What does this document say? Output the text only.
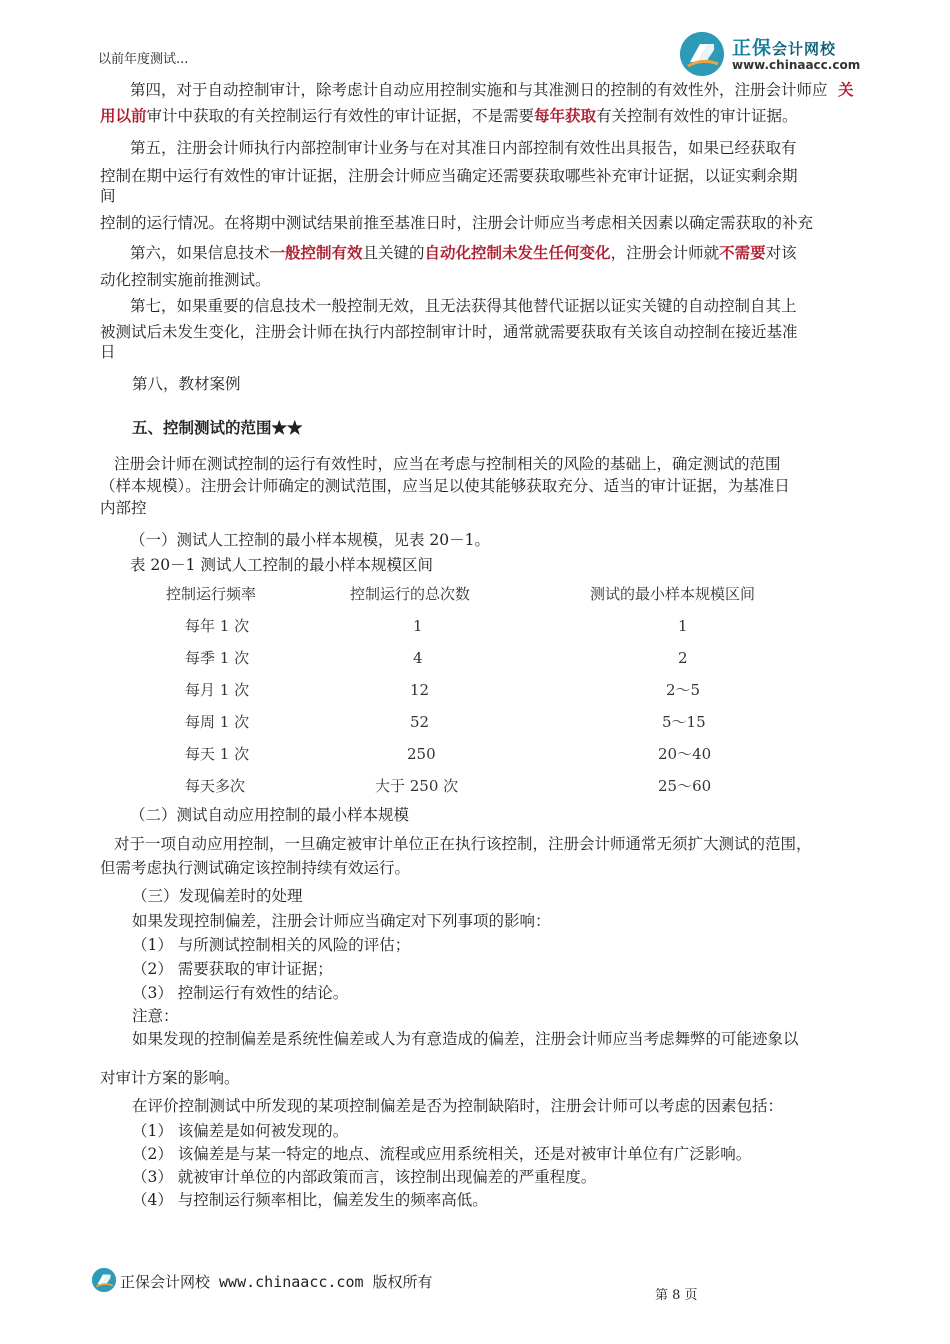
正保会计网校
www.chinaacc.com
以前年度测试...
第四，对于自动控制审计，除考虑计自动应用控制实施和与其准测日的控制的有效性外，注册会计师应 关
用以前审计中获取的有关控制运行有效性的审计证据，不是需要每年获取有关控制有效性的审计证据。
第五，注册会计师执行内部控制审计业务与在对其准日内部控制有效性出具报告，如果已经获取有
控制在期中运行有效性的审计证据，注册会计师应当确定还需要获取哪些补充审计证据，以证实剩余期
间
控制的运行情况。在将期中测试结果前推至基准日时，注册会计师应当考虑相关因素以确定需获取的补充
第六，如果信息技术一般控制有效且关键的自动化控制未发生任何变化，注册会计师就不需要对该
动化控制实施前推测试。
第七，如果重要的信息技术一般控制无效，且无法获得其他替代证据以证实关键的自动控制自其上
被测试后未发生变化，注册会计师在执行内部控制审计时，通常就需要获取有关该自动控制在接近基准
日
第八，教材案例
五、控制测试的范围★★
注册会计师在测试控制的运行有效性时，应当在考虑与控制相关的风险的基础上，确定测试的范围
（样本规模）。注册会计师确定的测试范围，应当足以使其能够获取充分、适当的审计证据，为基准日
内部控
（一）测试人工控制的最小样本规模，见表 20－1。
表 20－1 测试人工控制的最小样本规模区间
控制运行频率	控制运行的总次数	测试的最小样本规模区间
每年 1 次	1	1
每季 1 次	4	2
每月 1 次	12	2～5
每周 1 次	52	5～15
每天 1 次	250	20～40
每天多次	大于 250 次	25～60
（二）测试自动应用控制的最小样本规模
对于一项自动应用控制，一旦确定被审计单位正在执行该控制，注册会计师通常无须扩大测试的范围，
但需考虑执行测试确定该控制持续有效运行。
（三）发现偏差时的处理
如果发现控制偏差，注册会计师应当确定对下列事项的影响：
（1） 与所测试控制相关的风险的评估；
（2） 需要获取的审计证据；
（3） 控制运行有效性的结论。
注意：
如果发现的控制偏差是系统性偏差或人为有意造成的偏差，注册会计师应当考虑舞弊的可能迹象以
对审计方案的影响。
在评价控制测试中所发现的某项控制偏差是否为控制缺陷时，注册会计师可以考虑的因素包括：
（1） 该偏差是如何被发现的。
（2） 该偏差是与某一特定的地点、流程或应用系统相关，还是对被审计单位有广泛影响。
（3） 就被审计单位的内部政策而言，该控制出现偏差的严重程度。
（4） 与控制运行频率相比，偏差发生的频率高低。
正保会计网校 www.chinaacc.com 版权所有
第 8 页
